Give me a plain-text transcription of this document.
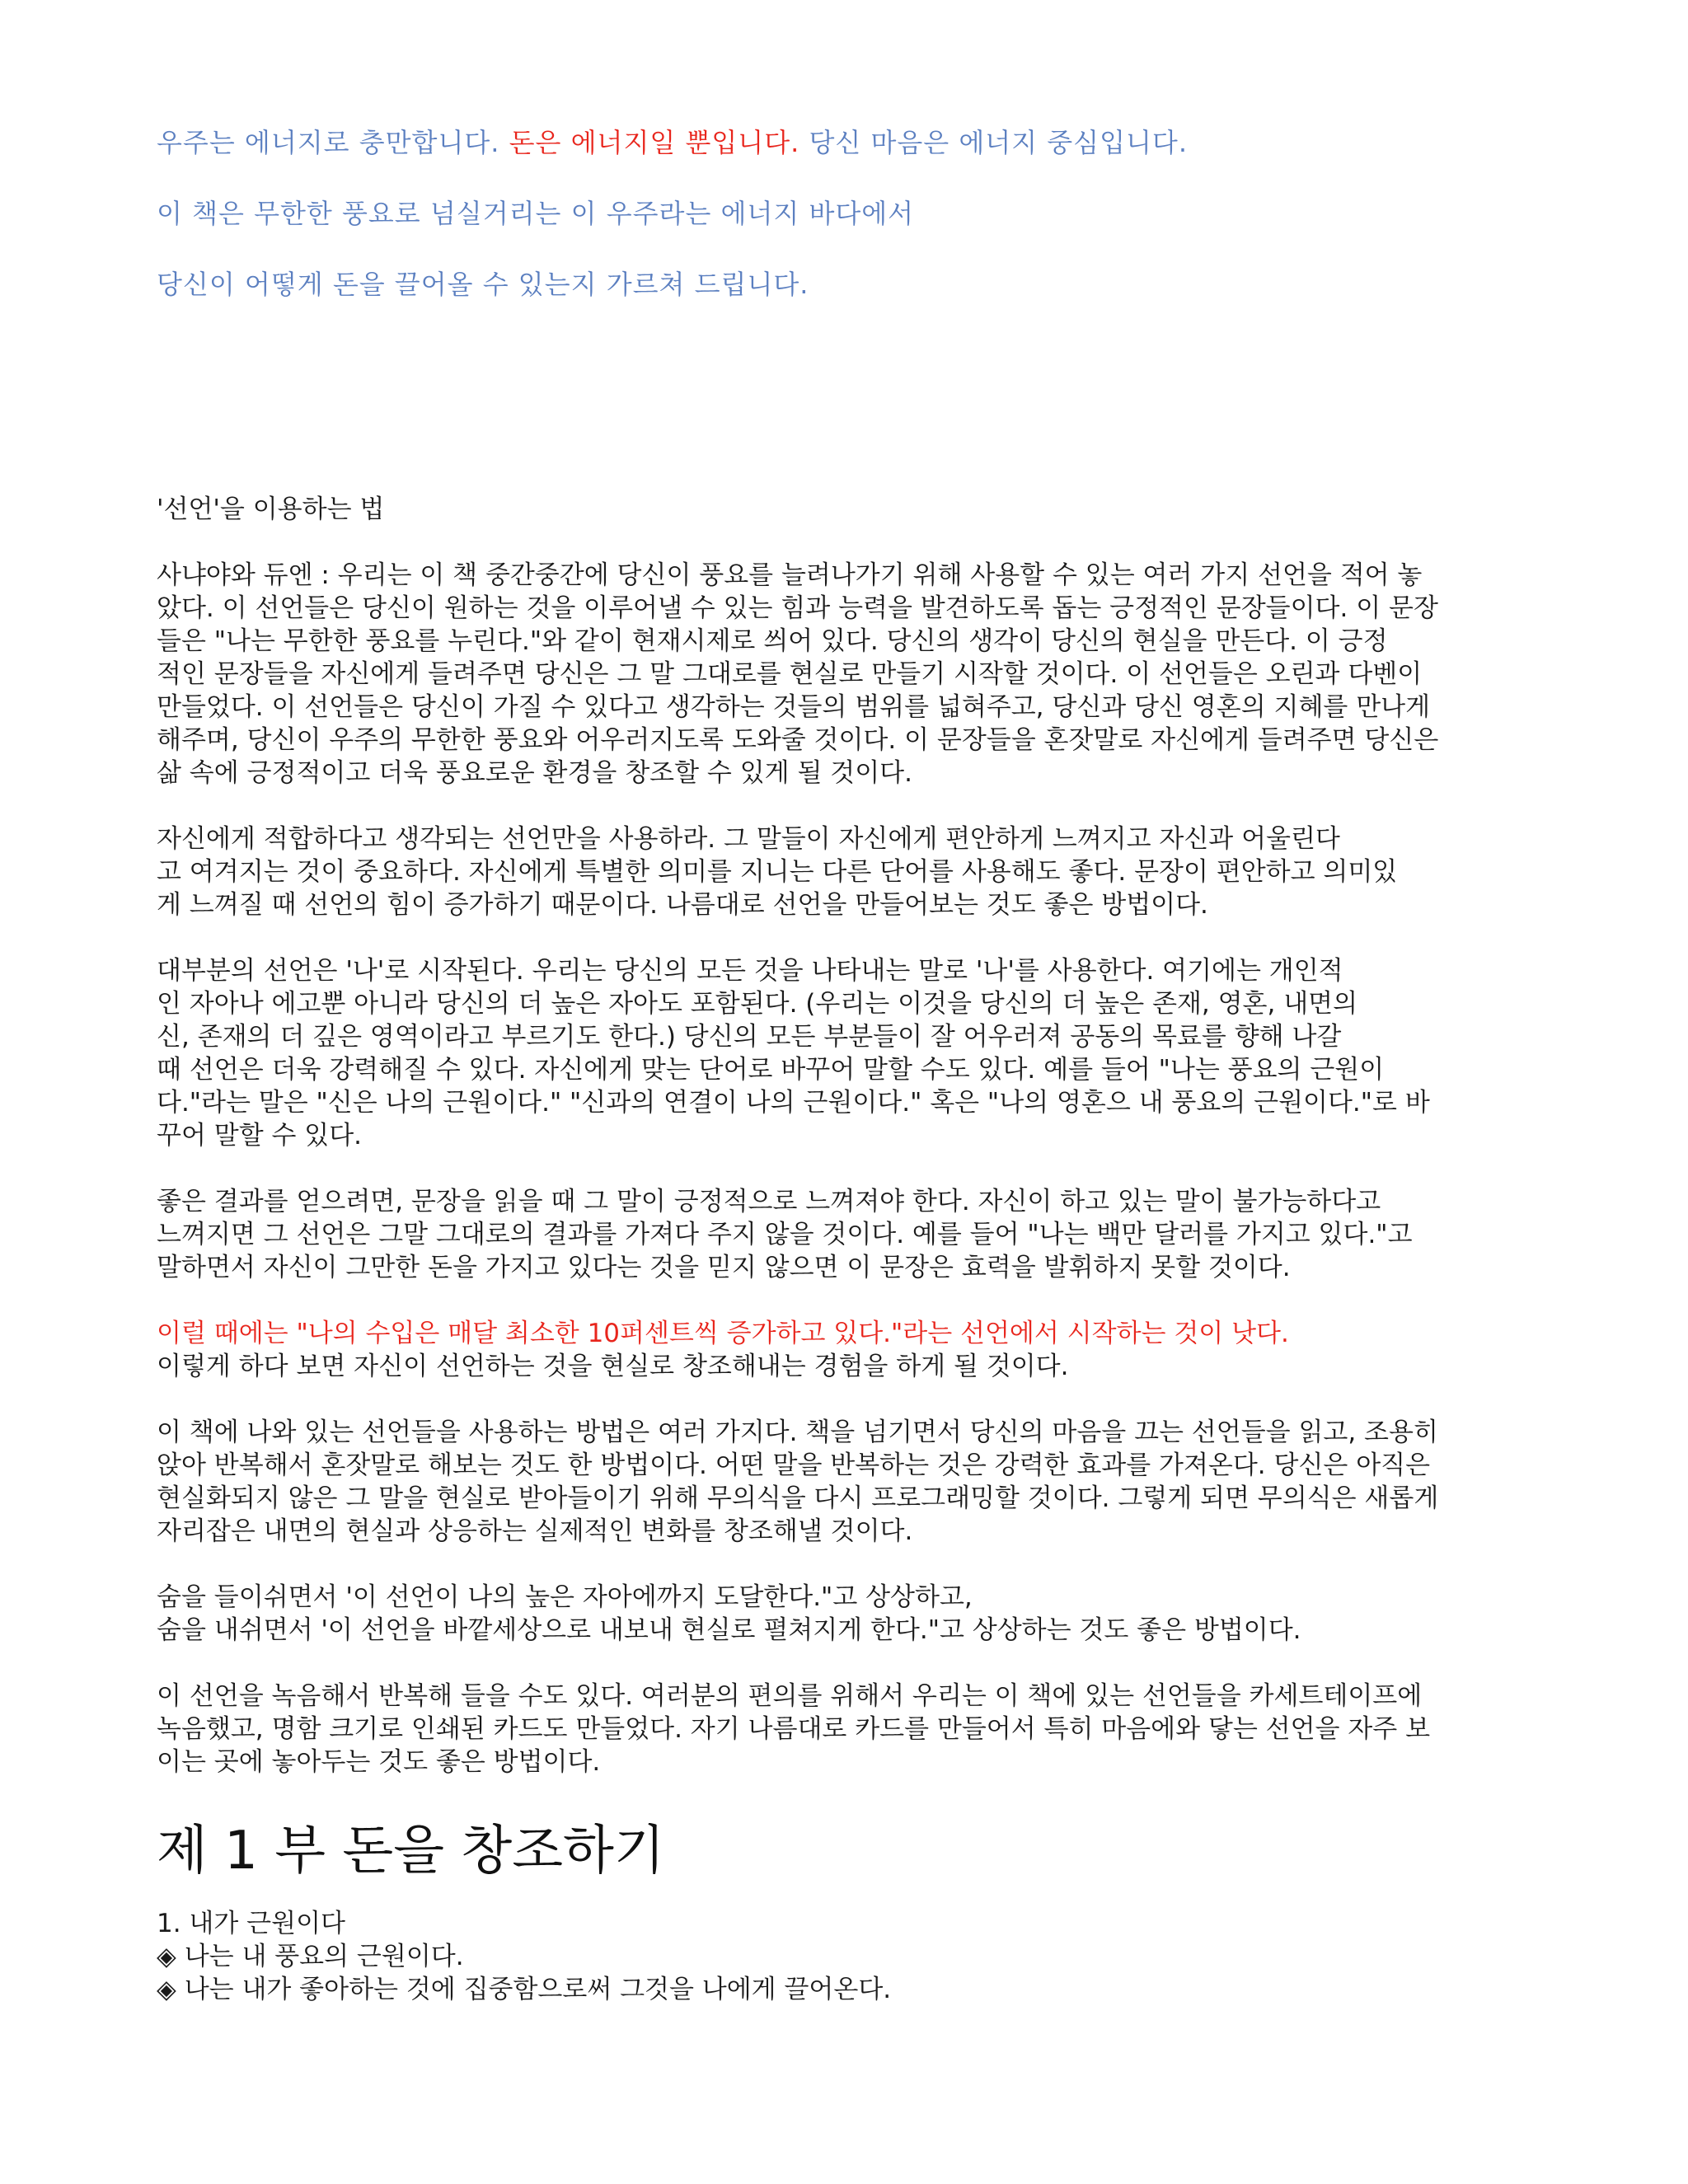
우주는 에너지로 충만합니다. 돈은 에너지일 뿐입니다. 당신 마음은 에너지 중심입니다.

이 책은 무한한 풍요로 넘실거리는 이 우주라는 에너지 바다에서

당신이 어떻게 돈을 끌어올 수 있는지 가르쳐 드립니다.

'선언'을 이용하는 법

사냐야와 듀엔 : 우리는 이 책 중간중간에 당신이 풍요를 늘려나가기 위해 사용할 수 있는 여러 가지 선언을 적어 놓
았다. 이 선언들은 당신이 원하는 것을 이루어낼 수 있는 힘과 능력을 발견하도록 돕는 긍정적인 문장들이다. 이 문장
들은 "나는 무한한 풍요를 누린다."와 같이 현재시제로 씌어 있다. 당신의 생각이 당신의 현실을 만든다. 이 긍정
적인 문장들을 자신에게 들려주면 당신은 그 말 그대로를 현실로 만들기 시작할 것이다. 이 선언들은 오린과 다벤이
만들었다. 이 선언들은 당신이 가질 수 있다고 생각하는 것들의 범위를 넓혀주고, 당신과 당신 영혼의 지혜를 만나게
해주며, 당신이 우주의 무한한 풍요와 어우러지도록 도와줄 것이다. 이 문장들을 혼잣말로 자신에게 들려주면 당신은
삶 속에 긍정적이고 더욱 풍요로운 환경을 창조할 수 있게 될 것이다.
자신에게 적합하다고 생각되는 선언만을 사용하라. 그 말들이 자신에게 편안하게 느껴지고 자신과 어울린다
고 여겨지는 것이 중요하다. 자신에게 특별한 의미를 지니는 다른 단어를 사용해도 좋다. 문장이 편안하고 의미있
게 느껴질 때 선언의 힘이 증가하기 때문이다. 나름대로 선언을 만들어보는 것도 좋은 방법이다.
대부분의 선언은 '나'로 시작된다. 우리는 당신의 모든 것을 나타내는 말로 '나'를 사용한다. 여기에는 개인적
인 자아나 에고뿐 아니라 당신의 더 높은 자아도 포함된다. (우리는 이것을 당신의 더 높은 존재, 영혼, 내면의
신, 존재의 더 깊은 영역이라고 부르기도 한다.) 당신의 모든 부분들이 잘 어우러져 공동의 목료를 향해 나갈
때 선언은 더욱 강력해질 수 있다. 자신에게 맞는 단어로 바꾸어 말할 수도 있다. 예를 들어 "나는 풍요의 근원이
다."라는 말은 "신은 나의 근원이다." "신과의 연결이 나의 근원이다." 혹은 "나의 영혼으 내 풍요의 근원이다."로 바
꾸어 말할 수 있다.
좋은 결과를 얻으려면, 문장을 읽을 때 그 말이 긍정적으로 느껴져야 한다. 자신이 하고 있는 말이 불가능하다고
느껴지면 그 선언은 그말 그대로의 결과를 가져다 주지 않을 것이다. 예를 들어 "나는 백만 달러를 가지고 있다."고
말하면서 자신이 그만한 돈을 가지고 있다는 것을 믿지 않으면 이 문장은 효력을 발휘하지 못할 것이다.
이럴 때에는 "나의 수입은 매달 최소한 10퍼센트씩 증가하고 있다."라는 선언에서 시작하는 것이 낫다.
이렇게 하다 보면 자신이 선언하는 것을 현실로 창조해내는 경험을 하게 될 것이다.
이 책에 나와 있는 선언들을 사용하는 방법은 여러 가지다. 책을 넘기면서 당신의 마음을 끄는 선언들을 읽고, 조용히
앉아 반복해서 혼잣말로 해보는 것도 한 방법이다. 어떤 말을 반복하는 것은 강력한 효과를 가져온다. 당신은 아직은
현실화되지 않은 그 말을 현실로 받아들이기 위해 무의식을 다시 프로그래밍할 것이다. 그렇게 되면 무의식은 새롭게
자리잡은 내면의 현실과 상응하는 실제적인 변화를 창조해낼 것이다.
숨을 들이쉬면서 '이 선언이 나의 높은 자아에까지 도달한다."고 상상하고,
숨을 내쉬면서 '이 선언을 바깥세상으로 내보내 현실로 펼쳐지게 한다."고 상상하는 것도 좋은 방법이다.
이 선언을 녹음해서 반복해 들을 수도 있다. 여러분의 편의를 위해서 우리는 이 책에 있는 선언들을 카세트테이프에
녹음했고, 명함 크기로 인쇄된 카드도 만들었다. 자기 나름대로 카드를 만들어서 특히 마음에와 닿는 선언을 자주 보
이는 곳에 놓아두는 것도 좋은 방법이다.
제 1 부 돈을 창조하기
1. 내가 근원이다
◈ 나는 내 풍요의 근원이다.
◈ 나는 내가 좋아하는 것에 집중함으로써 그것을 나에게 끌어온다.
